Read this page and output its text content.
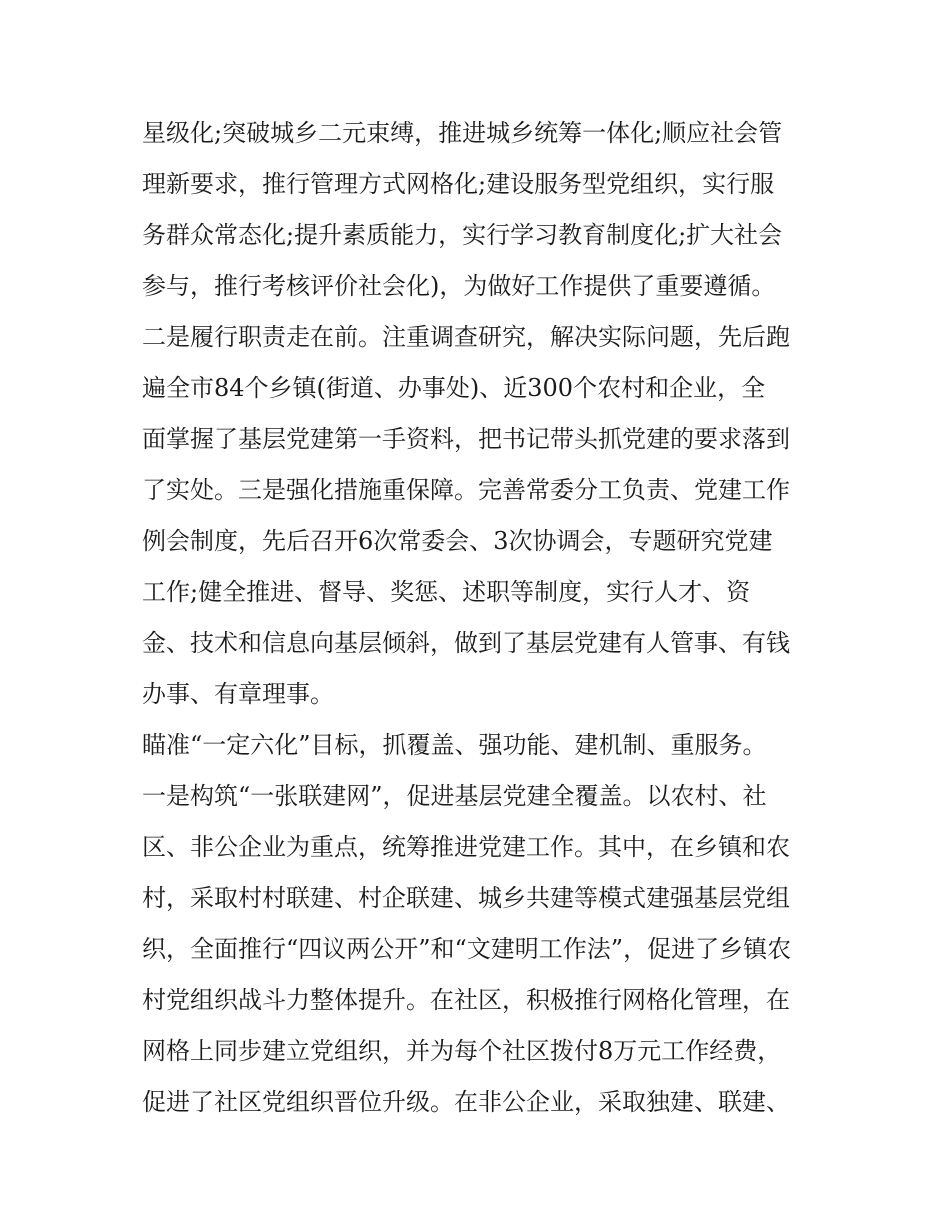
星级化;突破城乡二元束缚，推进城乡统筹一体化;顺应社会管
理新要求，推行管理方式网格化;建设服务型党组织，实行服
务群众常态化;提升素质能力，实行学习教育制度化;扩大社会
参与，推行考核评价社会化)，为做好工作提供了重要遵循。
二是履行职责走在前。注重调查研究，解决实际问题，先后跑
遍全市84个乡镇(街道、办事处)、近300个农村和企业，全
面掌握了基层党建第一手资料，把书记带头抓党建的要求落到
了实处。三是强化措施重保障。完善常委分工负责、党建工作
例会制度，先后召开6次常委会、3次协调会，专题研究党建
工作;健全推进、督导、奖惩、述职等制度，实行人才、资
金、技术和信息向基层倾斜，做到了基层党建有人管事、有钱
办事、有章理事。
瞄准“一定六化”目标，抓覆盖、强功能、建机制、重服务。
一是构筑“一张联建网”，促进基层党建全覆盖。以农村、社
区、非公企业为重点，统筹推进党建工作。其中，在乡镇和农
村，采取村村联建、村企联建、城乡共建等模式建强基层党组
织，全面推行“四议两公开”和“文建明工作法”，促进了乡镇农
村党组织战斗力整体提升。在社区，积极推行网格化管理，在
网格上同步建立党组织，并为每个社区拨付8万元工作经费，
促进了社区党组织晋位升级。在非公企业，采取独建、联建、
